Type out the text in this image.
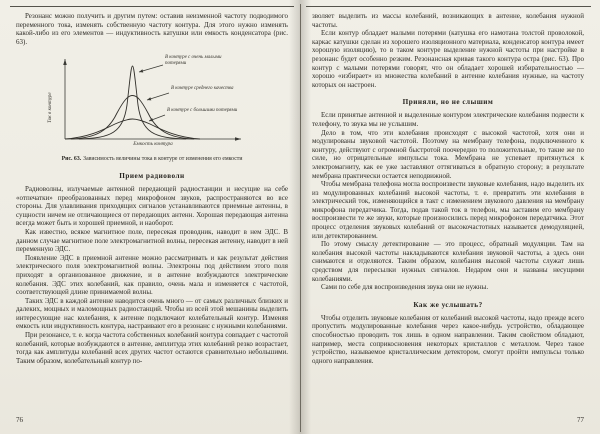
Резонанс можно получить и другим путем: оставив неизменной частоту подводимого переменного тока, изменять собственную частоту контура. Для этого нужно изменять какой-либо из его элементов — индуктивность катушки или емкость конденсатора (рис. 63).

В контуре с очень малыми потерями
В контуре среднего качества
В контуре с большими потерями
Ток в контуре
Емкость контура
Рис. 63. Зависимость величины тока в контуре от изменения его емкости
Прием радиоволн

Радиоволны, излучаемые антенной передающей радиостанции и несущие на себе «отпечатки» преобразованных перед микрофоном звуков, распространяются во все стороны. Для улавливания приходящих сигналов устанавливаются приемные антенны, в сущности ничем не отличающиеся от передающих антенн. Хорошая передающая антенна всегда может быть и хорошей приемной, и наоборот.

Как известно, всякое магнитное поле, пересекая проводник, наводит в нем ЭДС. В данном случае магнитное поле электромагнитной волны, пересекая антенну, наводит в ней переменную ЭДС.

Появление ЭДС в приемной антенне можно рассматривать и как результат действия электрического поля электромагнитной волны. Электроны под действием этого поля приходят в организованное движение, и в антенне возбуждаются электрические колебания. ЭДС этих колебаний, как правило, очень мала и изменяется с частотой, соответствующей длине принимаемой волны.

Таких ЭДС в каждой антенне наводится очень много — от самых различных близких и далеких, мощных и маломощных радиостанций. Чтобы из всей этой мешанины выделить интересующие нас колебания, к антенне подключают колебательный контур. Изменяя емкость или индуктивность контура, настраивают его в резонанс с нужными колебаниями.

При резонансе, т. е. когда частота собственных колебаний контура совпадает с частотой колебаний, которые возбуждаются в антенне, амплитуда этих колебаний резко возрастает, тогда как амплитуды колебаний всех других частот остаются сравнительно небольшими. Таким образом, колебательный контур по-

76

зволяет выделить из массы колебаний, возникающих в антенне, колебания нужной частоты.

Если контур обладает малыми потерями (катушка его намотана толстой проволокой, каркас катушки сделан из хорошего изоляционного материала, конденсатор контура имеет хорошую изоляцию), то в таком контуре выделение нужной частоты при настройке в резонанс будет особенно резким. Резонансная кривая такого контура остра (рис. 63). Про контур с малыми потерями говорят, что он обладает хорошей избирательностью — хорошо «избирает» из множества колебаний в антенне колебания нужные, на частоту которых он настроен.

Приняли, но не слышим

Если принятые антенной и выделенные контуром электрические колебания подвести к телефону, то звука мы не услышим.

Дело в том, что эти колебания происходят с высокой частотой, хотя они и модулированы звуковой частотой. Поэтому на мембрану телефона, подключенного к контуру, действуют с огромной быстротой поочередно то положительные, то такие же по силе, но отрицательные импульсы тока. Мембрана не успевает притянуться к электромагниту, как ее уже заставляют оттягиваться в обратную сторону; в результате мембрана практически остается неподвижной.

Чтобы мембрана телефона могла воспроизвести звуковые колебания, надо выделить их из модулированных колебаний высокой частоты, т. е. превратить эти колебания в электрический ток, изменяющийся в такт с изменением звукового давления на мембрану микрофона передатчика. Тогда, подав такой ток в телефон, мы заставим его мембрану воспроизвести те же звуки, которые произносились перед микрофоном передатчика. Этот процесс отделения звуковых колебаний от высокочастотных называется демодуляцией, или детектированием.

По этому смыслу детектирование — это процесс, обратный модуляции. Там на колебания высокой частоты накладываются колебания звуковой частоты, а здесь они снимаются и отделяются. Таким образом, колебания высокой частоты служат лишь средством для пересылки нужных сигналов. Недаром они и названы несущими колебаниями.

Сами по себе для воспроизведения звука они не нужны.

Как же услышать?

Чтобы отделить звуковые колебания от колебаний высокой частоты, надо прежде всего пропустить модулированные колебания через какое-нибудь устройство, обладающее способностью проводить ток лишь в одном направлении. Таким свойством обладают, например, места соприкосновения некоторых кристаллов с металлом. Через такое устройство, называемое кристаллическим детектором, смогут пройти импульсы только одного направления.

77
